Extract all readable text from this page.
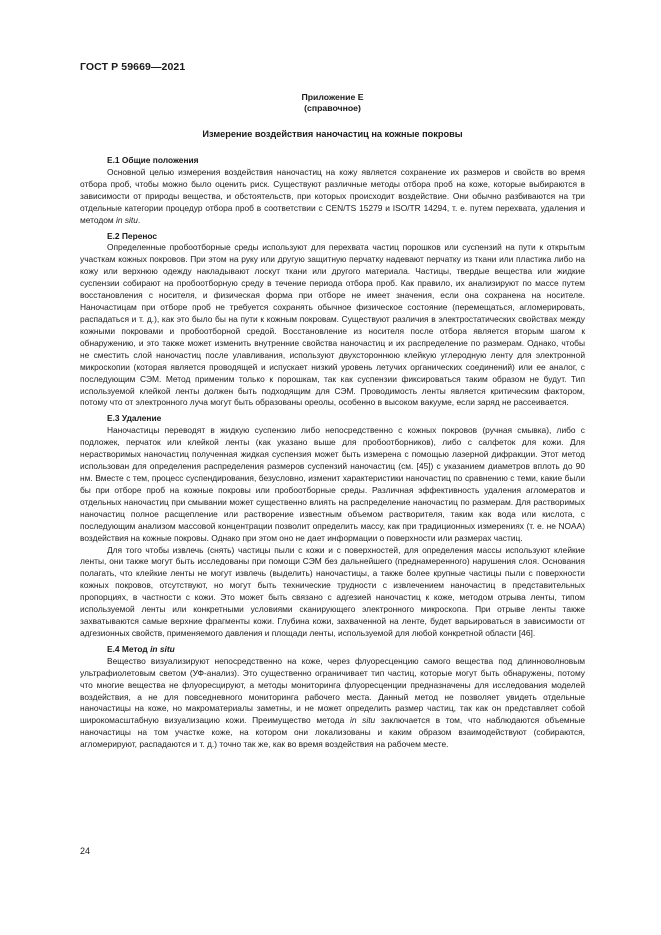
ГОСТ Р 59669—2021
Приложение Е
(справочное)
Измерение воздействия наночастиц на кожные покровы
Е.1 Общие положения

Основной целью измерения воздействия наночастиц на кожу является сохранение их размеров и свойств во время отбора проб, чтобы можно было оценить риск. Существуют различные методы отбора проб на коже, которые выбираются в зависимости от природы вещества, и обстоятельств, при которых происходит воздействие. Они обычно разбиваются на три отдельные категории процедур отбора проб в соответствии с CEN/TS 15279 и ISO/TR 14294, т. е. путем перехвата, удаления и методом in situ.

Е.2 Перенос

Определенные пробоотборные среды используют для перехвата частиц порошков или суспензий на пути к открытым участкам кожных покровов. При этом на руку или другую защитную перчатку надевают перчатку из ткани или пластика либо на кожу или верхнюю одежду накладывают лоскут ткани или другого материала. Частицы, твердые вещества или жидкие суспензии собирают на пробоотборную среду в течение периода отбора проб. Как правило, их анализируют по массе путем восстановления с носителя, и физическая форма при отборе не имеет значения, если она сохранена на носителе. Наночастицам при отборе проб не требуется сохранять обычное физическое состояние (перемещаться, агломерировать, распадаться и т. д.), как это было бы на пути к кожным покровам. Существуют различия в электростатических свойствах между кожными покровами и пробоотборной средой. Восстановление из носителя после отбора является вторым шагом к обнаружению, и это также может изменить внутренние свойства наночастиц и их распределение по размерам. Однако, чтобы не сместить слой наночастиц после улавливания, используют двухстороннюю клейкую углеродную ленту для электронной микроскопии (которая является проводящей и испускает низкий уровень летучих органических соединений) или ее аналог, с последующим СЭМ. Метод применим только к порошкам, так как суспензии фиксироваться таким образом не будут. Тип используемой клейкой ленты должен быть подходящим для СЭМ. Проводимость ленты является критическим фактором, потому что от электронного луча могут быть образованы ореолы, особенно в высоком вакууме, если заряд не рассеивается.

Е.3 Удаление

Наночастицы переводят в жидкую суспензию либо непосредственно с кожных покровов (ручная смывка), либо с подложек, перчаток или клейкой ленты (как указано выше для пробоотборников), либо с салфеток для кожи. Для нерастворимых наночастиц полученная жидкая суспензия может быть измерена с помощью лазерной дифракции. Этот метод использован для определения распределения размеров суспензий наночастиц (см. [45]) с указанием диаметров вплоть до 90 нм. Вместе с тем, процесс суспендирования, безусловно, изменит характеристики наночастиц по сравнению с теми, какие были бы при отборе проб на кожные покровы или пробоотборные среды. Различная эффективность удаления агломератов и отдельных наночастиц при смывании может существенно влиять на распределение наночастиц по размерам. Для растворимых наночастиц полное расщепление или растворение известным объемом растворителя, таким как вода или кислота, с последующим анализом массовой концентрации позволит определить массу, как при традиционных измерениях (т. е. не NOAA) воздействия на кожные покровы. Однако при этом оно не дает информации о поверхности или размерах частиц.

Для того чтобы извлечь (снять) частицы пыли с кожи и с поверхностей, для определения массы используют клейкие ленты, они также могут быть исследованы при помощи СЭМ без дальнейшего (преднамеренного) нарушения слоя. Основания полагать, что клейкие ленты не могут извлечь (выделить) наночастицы, а также более крупные частицы пыли с поверхности кожных покровов, отсутствуют, но могут быть технические трудности с извлечением наночастиц в представительных пропорциях, в частности с кожи. Это может быть связано с адгезией наночастиц к коже, методом отрыва ленты, типом используемой ленты или конкретными условиями сканирующего электронного микроскопа. При отрыве ленты также захватываются самые верхние фрагменты кожи. Глубина кожи, захваченной на ленте, будет варьироваться в зависимости от адгезионных свойств, применяемого давления и площади ленты, используемой для любой конкретной области [46].

Е.4 Метод in situ

Вещество визуализируют непосредственно на коже, через флуоресценцию самого вещества под длинноволновым ультрафиолетовым светом (УФ-анализ). Это существенно ограничивает тип частиц, которые могут быть обнаружены, потому что многие вещества не флуоресцируют, а методы мониторинга флуоресценции предназначены для исследования моделей воздействия, а не для повседневного мониторинга рабочего места. Данный метод не позволяет увидеть отдельные наночастицы на коже, но макроматериалы заметны, и не может определить размер частиц, так как он представляет собой широкомасштабную визуализацию кожи. Преимущество метода in situ заключается в том, что наблюдаются объемные наночастицы на том участке коже, на котором они локализованы и каким образом взаимодействуют (собираются, агломерируют, распадаются и т. д.) точно так же, как во время воздействия на рабочем месте.

24
